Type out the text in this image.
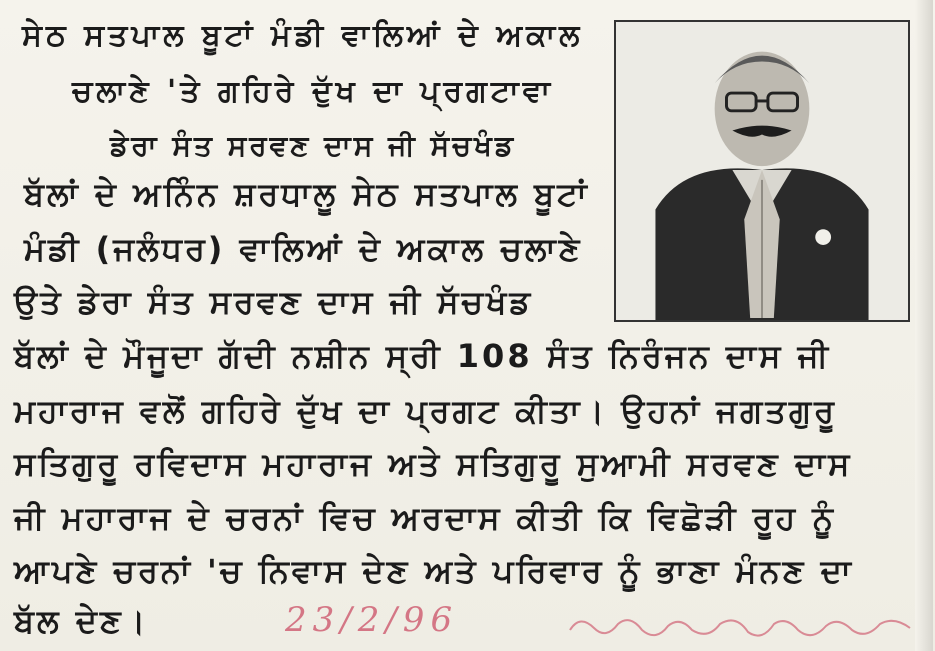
ਸੇਠ ਸਤਪਾਲ ਬੂਟਾਂ ਮੰਡੀ ਵਾਲਿਆਂ ਦੇ ਅਕਾਲ
ਚਲਾਣੇ 'ਤੇ ਗਹਿਰੇ ਦੁੱਖ ਦਾ ਪ੍ਰਗਟਾਵਾ
ਡੇਰਾ ਸੰਤ ਸਰਵਣ ਦਾਸ ਜੀ ਸੱਚਖੰਡ
ਬੱਲਾਂ ਦੇ ਅਨਿੰਨ ਸ਼ਰਧਾਲੂ ਸੇਠ ਸਤਪਾਲ ਬੂਟਾਂ
ਮੰਡੀ (ਜਲੰਧਰ) ਵਾਲਿਆਂ ਦੇ ਅਕਾਲ ਚਲਾਣੇ
ਉਤੇ ਡੇਰਾ ਸੰਤ ਸਰਵਣ ਦਾਸ ਜੀ ਸੱਚਖੰਡ
ਬੱਲਾਂ ਦੇ ਮੌਜੂਦਾ ਗੱਦੀ ਨਸ਼ੀਨ ਸ੍ਰੀ 108 ਸੰਤ ਨਿਰੰਜਨ ਦਾਸ ਜੀ
ਮਹਾਰਾਜ ਵਲੋਂ ਗਹਿਰੇ ਦੁੱਖ ਦਾ ਪ੍ਰਗਟ ਕੀਤਾ। ਉਹਨਾਂ ਜਗਤਗੁਰੂ
ਸਤਿਗੁਰੂ ਰਵਿਦਾਸ ਮਹਾਰਾਜ ਅਤੇ ਸਤਿਗੁਰੂ ਸੁਆਮੀ ਸਰਵਣ ਦਾਸ
ਜੀ ਮਹਾਰਾਜ ਦੇ ਚਰਨਾਂ ਵਿਚ ਅਰਦਾਸ ਕੀਤੀ ਕਿ ਵਿਛੋੜੀ ਰੂਹ ਨੂੰ
ਆਪਣੇ ਚਰਨਾਂ 'ਚ ਨਿਵਾਸ ਦੇਣ ਅਤੇ ਪਰਿਵਾਰ ਨੂੰ ਭਾਣਾ ਮੰਨਣ ਦਾ
ਬੱਲ ਦੇਣ।	23/2/96
